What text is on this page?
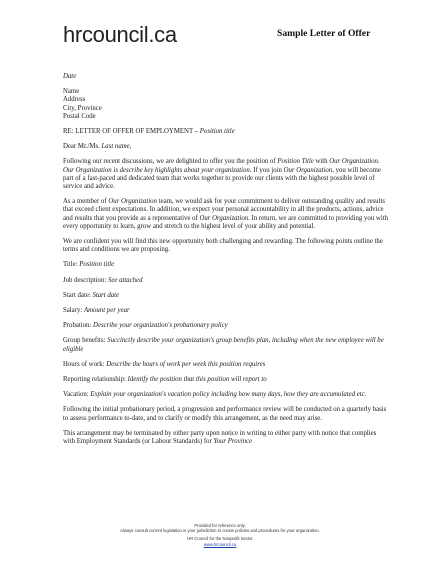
hrcouncil.ca	Sample Letter of Offer

Date

Name

Address

City, Province

Postal Code

RE: LETTER OF OFFER OF EMPLOYMENT – Position title

Dear Mr./Ms. Last name,

Following our recent discussions, we are delighted to offer you the position of Position Title with Our Organization. Our Organization is describe key highlights about your organization. If you join Our Organization, you will become part of a fast-paced and dedicated team that works together to provide our clients with the highest possible level of service and advice.

As a member of Our Organization team, we would ask for your commitment to deliver outstanding quality and results that exceed client expectations. In addition, we expect your personal accountability in all the products, actions, advice and results that you provide as a representative of Our Organization. In return, we are committed to providing you with every opportunity to learn, grow and stretch to the highest level of your ability and potential.

We are confident you will find this new opportunity both challenging and rewarding. The following points outline the terms and conditions we are proposing.

Title: Position title

Job description: See attached

Start date: Start date

Salary: Amount per year

Probation: Describe your organization's probationary policy

Group benefits: Succinctly describe your organization's group benefits plan, including when the new employee will be eligible

Hours of work: Describe the hours of work per week this position requires

Reporting relationship: Identify the position that this position will report to

Vacation: Explain your organization's vacation policy including how many days, how they are accumulated etc.

Following the initial probationary period, a progression and performance review will be conducted on a quarterly basis to assess performance to-date, and to clarify or modify this arrangement, as the need may arise.

This arrangement may be terminated by either party upon notice in writing to either party with notice that complies with Employment Standards (or Labour Standards) for Your Province

Provided for reference only.
Always consult current legislation in your jurisdiction to create policies and procedures for your organization.
HR Council for the Nonprofit Sector
www.hrcouncil.ca
